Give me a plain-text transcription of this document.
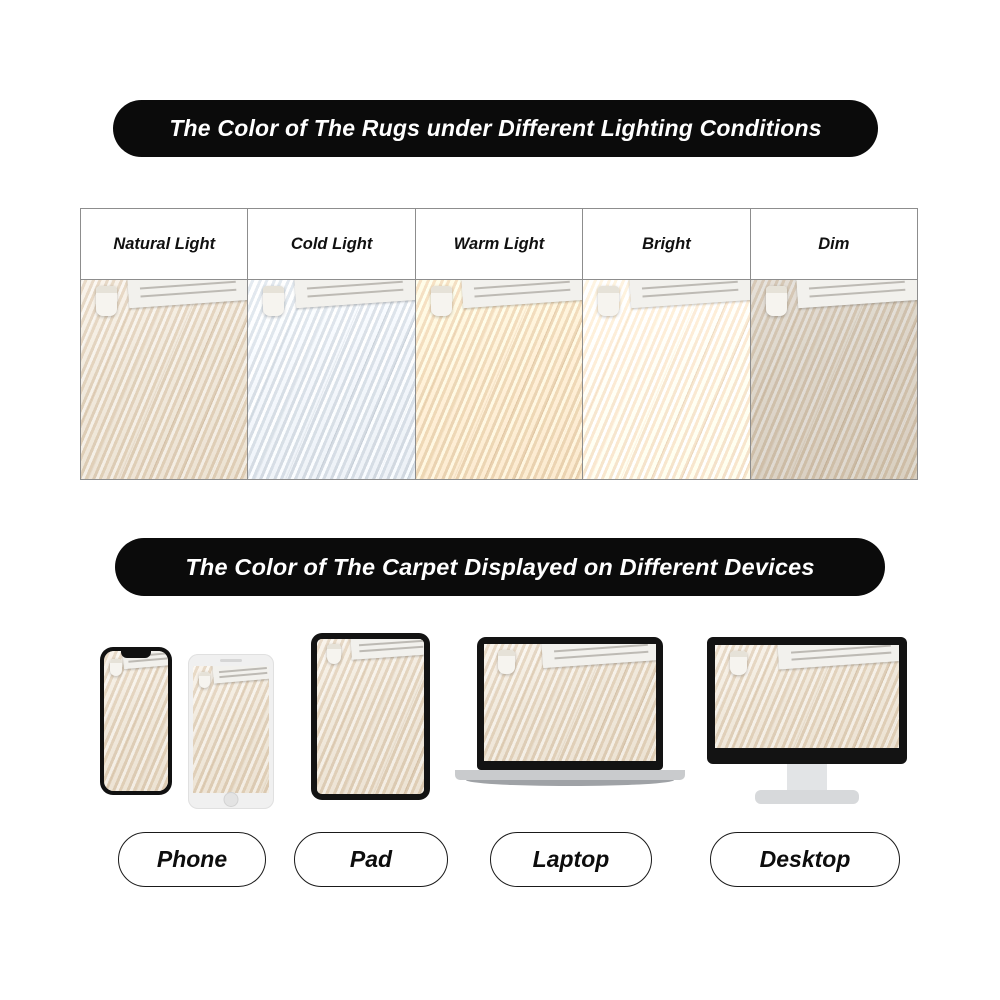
The Color of The Rugs under Different Lighting Conditions
Natural Light	Cold Light	Warm Light	Bright	Dim
The Color of The Carpet Displayed on Different Devices
Phone	Pad	Laptop	Desktop
